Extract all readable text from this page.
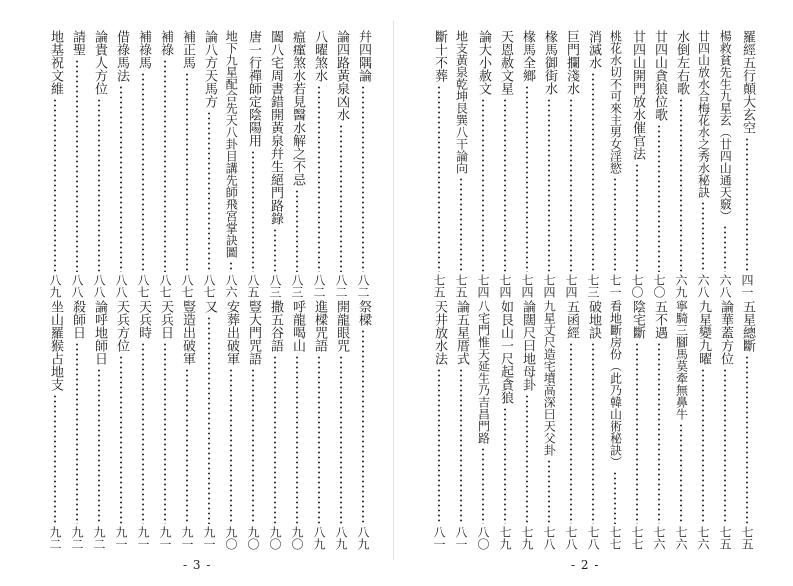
幷四隅論
八二
祭樑
八九
論四路黃泉凶水
八二
開龍眼咒
八九
八曜煞水
八二
進樑咒語
八九
瘟瘽煞水若見醫水解之不忌
八三
呼龍喝山
九〇
闔八宅周書錯開黃泉幷生絕門路錄
八三
撒五谷語
九〇
唐一行禪師定陰陽用
八五
豎大門咒語
九〇
地下九星配合先天八卦目講先師飛宮掌訣圖
八六
安葬出破軍
九〇
論八方天馬方
八七
又
九一
補正馬
八七
豎造出破軍
九一
補祿
八七
天兵日
九一
補祿馬
八七
天兵時
九一
借祿馬法
八八
天兵方位
九一
論貴人方位
八八
論呼地師日
九二
請聖
八八
殺師日
九二
地基祝文維
八九
坐山羅猴占地支
九二
- 3 -
羅經五行顛大玄空
四一
五星總斷
七五
楊救貧先生九星玄（廿四山通天竅）
六八
論華蓋方位
七五
廿四山放水合梅花水之秀水秘訣
六八
九星變九曜
七六
水倒左右歌
六九
寧騎三腳馬莫牽無鼻牛
七六
廿四山貪狼位歌
七〇
五不遇
七六
廿四山開門放水催官法
七〇
陰宅斷
七七
桃花水切不可來主男女淫慾
七一
看地斷房份（此乃韓山術秘訣）
七七
消滅水
七三
破地訣
七八
巨門攔淺水
七四
五函經
七八
椽馬御街水
七四
九星丈尺造宅墳高深曰天父卦
七八
椽馬全鄉
七四
論闊尺曰地母卦
七九
天恩赦文星
七四
如艮山一尺起貪狼
七九
論大小赦文
七四
八宅門惟天延生乃吉昌門路
八〇
地支黃泉乾坤艮巽八干論向
七五
論五星厝式
八一
斷十不葬
七五
天井放水法
八一
- 2 -
